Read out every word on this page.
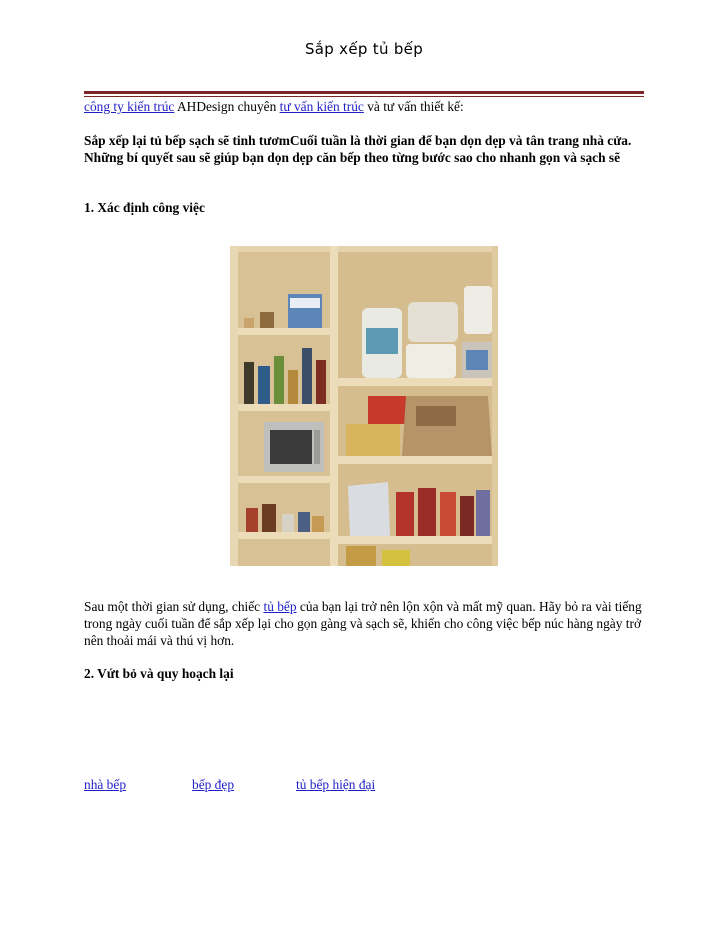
Sắp xếp tủ bếp
công ty kiến trúc AHDesign chuyên tư vấn kiến trúc và tư vấn thiết kế:
Sắp xếp lại tủ bếp sạch sẽ tinh tươmCuối tuần là thời gian để bạn dọn dẹp và tân trang nhà cửa. Những bí quyết sau sẽ giúp bạn dọn dẹp căn bếp theo từng bước sao cho nhanh gọn và sạch sẽ
1. Xác định công việc
Sau một thời gian sử dụng, chiếc tủ bếp của bạn lại trở nên lộn xộn và mất mỹ quan. Hãy bỏ ra vài tiếng trong ngày cuối tuần để sắp xếp lại cho gọn gàng và sạch sẽ, khiến cho công việc bếp núc hàng ngày trở nên thoải mái và thú vị hơn.
2. Vứt bỏ và quy hoạch lại
nhà bếp	bếp đẹp	tủ bếp hiện đại
